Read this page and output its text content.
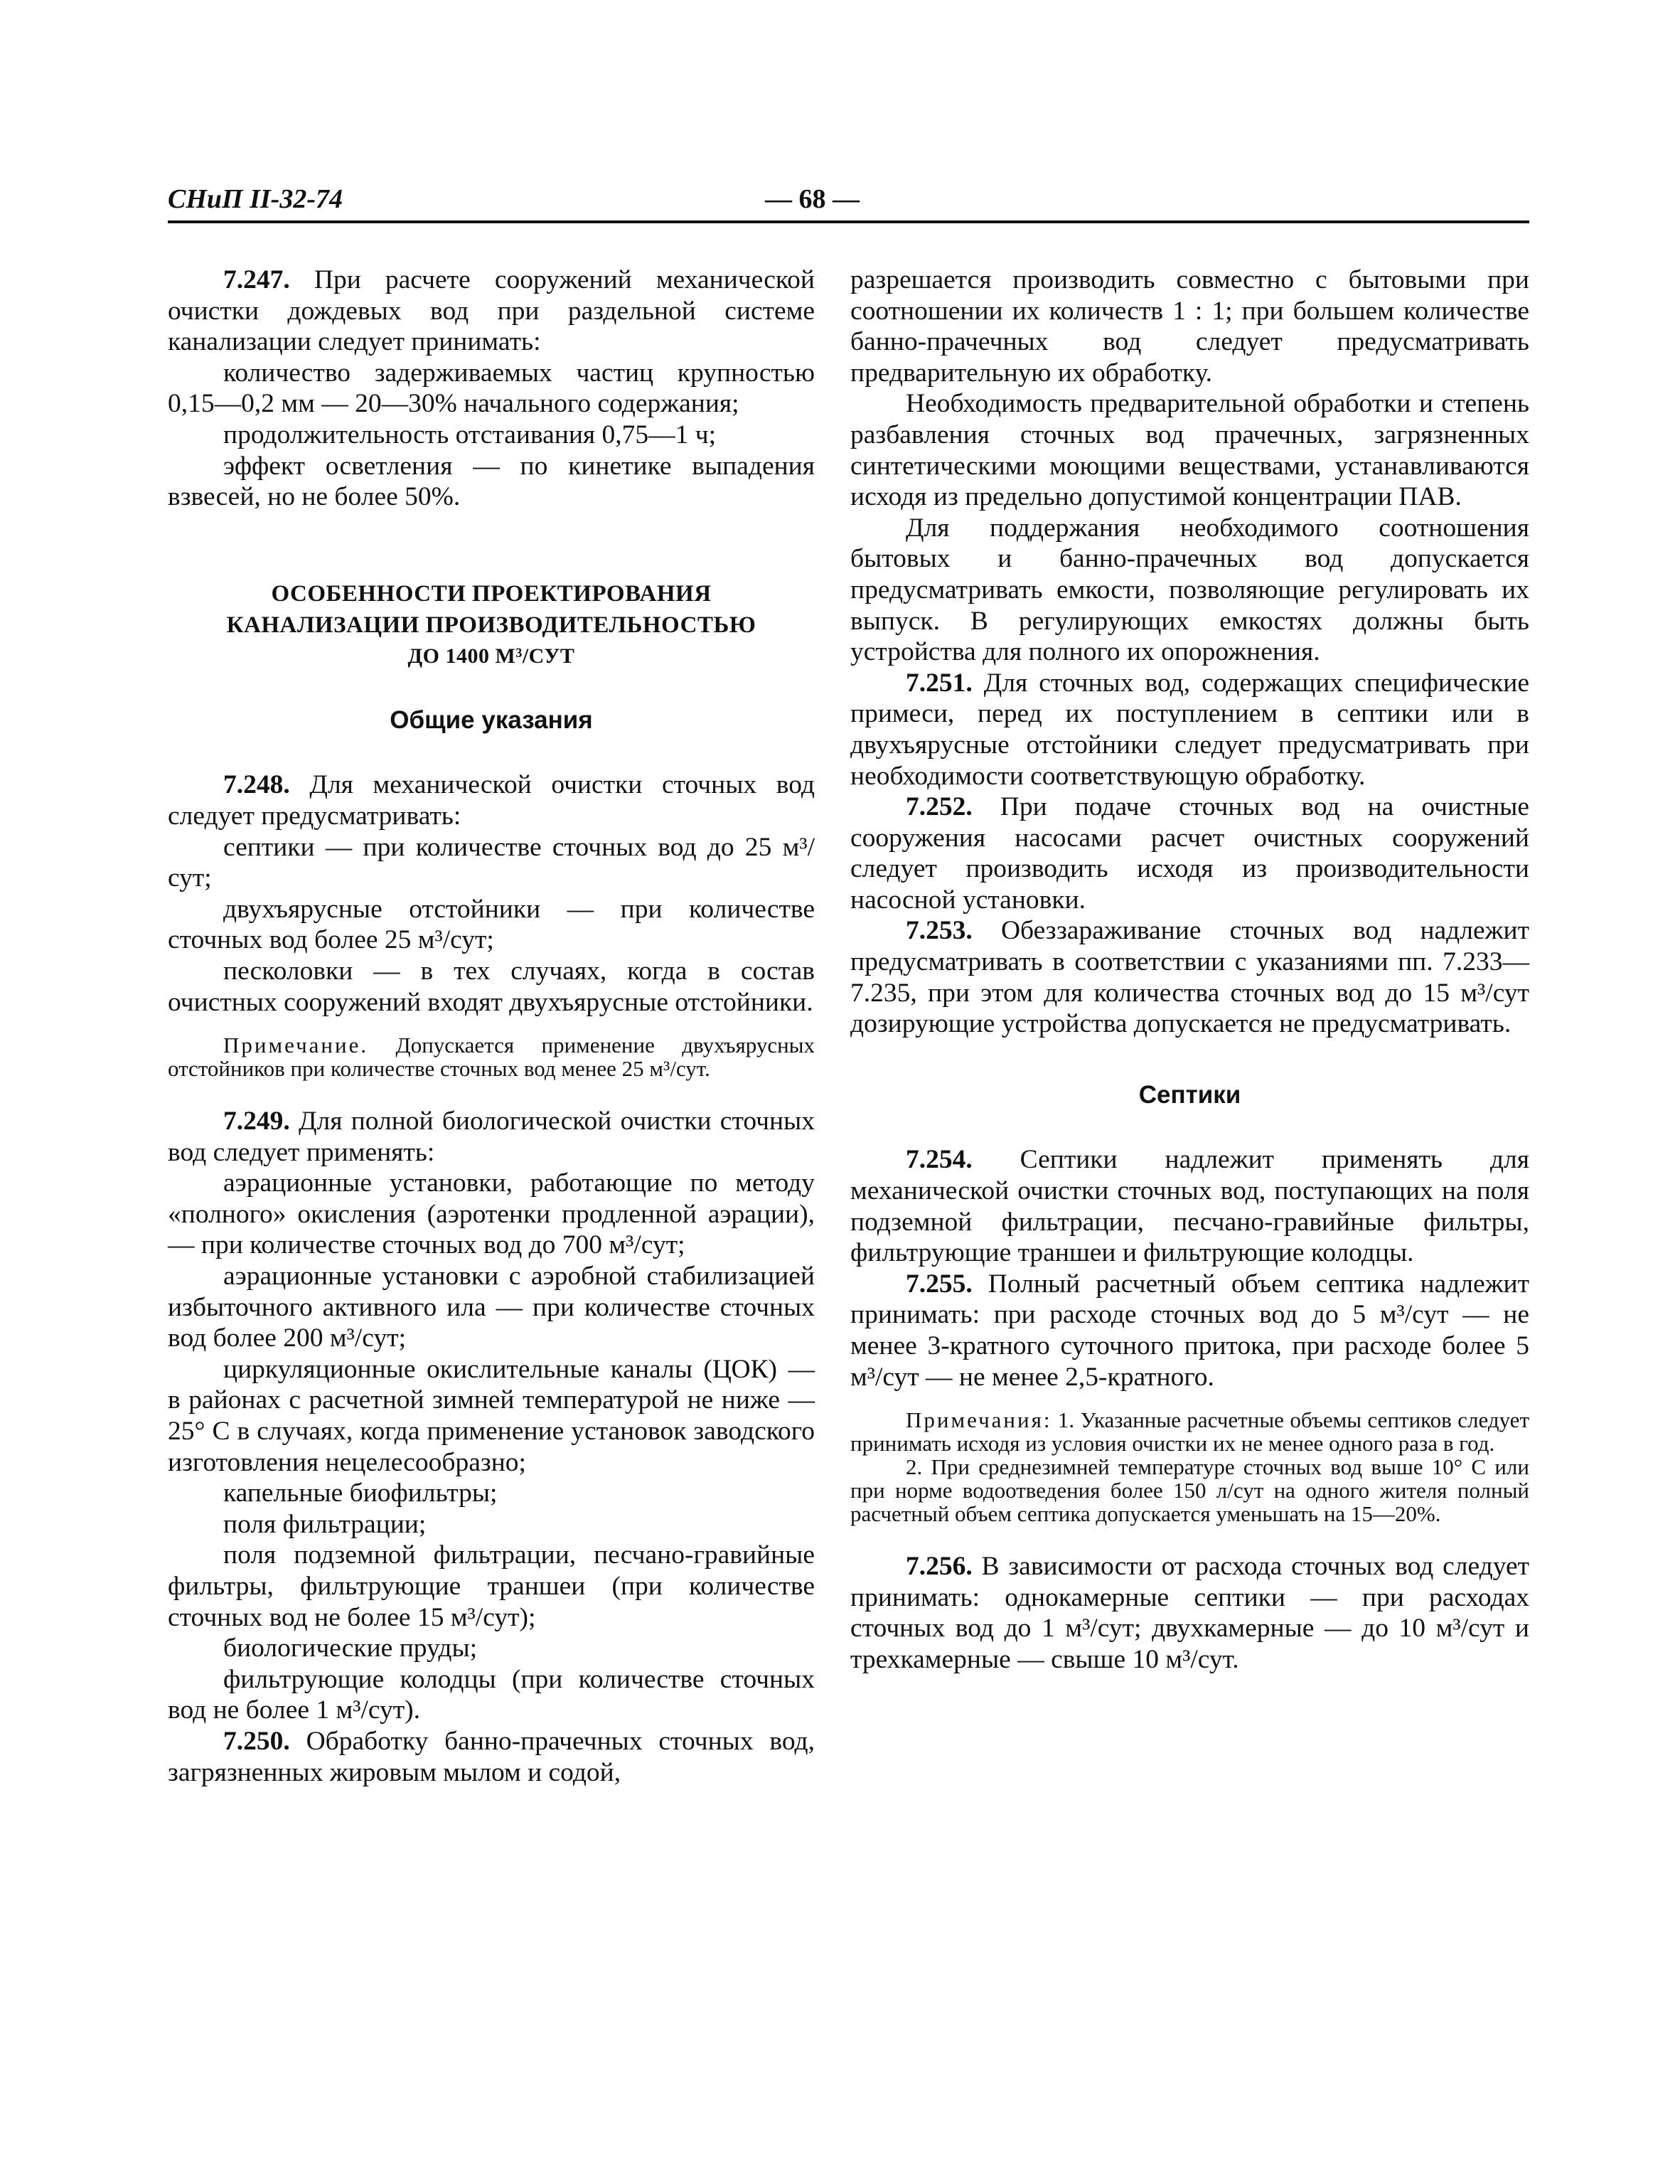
СНиП II-32-74	— 68 —

7.247. При расчете сооружений механической очистки дождевых вод при раздельной системе канализации следует принимать:

количество задерживаемых частиц крупностью 0,15—0,2 мм — 20—30% начального содержания;

продолжительность отстаивания 0,75—1 ч;

эффект осветления — по кинетике выпадения взвесей, но не более 50%.

ОСОБЕННОСТИ ПРОЕКТИРОВАНИЯ
КАНАЛИЗАЦИИ ПРОИЗВОДИТЕЛЬНОСТЬЮ
ДО 1400 М³/СУТ
Общие указания

7.248. Для механической очистки сточных вод следует предусматривать:

септики — при количестве сточных вод до 25 м³/сут;

двухъярусные отстойники — при количестве сточных вод более 25 м³/сут;

песколовки — в тех случаях, когда в состав очистных сооружений входят двухъярусные отстойники.

Примечание. Допускается применение двухъярусных отстойников при количестве сточных вод менее 25 м³/сут.

7.249. Для полной биологической очистки сточных вод следует применять:

аэрационные установки, работающие по методу «полного» окисления (аэротенки продленной аэрации), — при количестве сточных вод до 700 м³/сут;

аэрационные установки с аэробной стабилизацией избыточного активного ила — при количестве сточных вод более 200 м³/сут;

циркуляционные окислительные каналы (ЦОК) — в районах с расчетной зимней температурой не ниже —25° С в случаях, когда применение установок заводского изготовления нецелесообразно;

капельные биофильтры;

поля фильтрации;

поля подземной фильтрации, песчано-гравийные фильтры, фильтрующие траншеи (при количестве сточных вод не более 15 м³/сут);

биологические пруды;

фильтрующие колодцы (при количестве сточных вод не более 1 м³/сут).

7.250. Обработку банно-прачечных сточных вод, загрязненных жировым мылом и содой,

разрешается производить совместно с бытовыми при соотношении их количеств 1 : 1; при большем количестве банно-прачечных вод следует предусматривать предварительную их обработку.

Необходимость предварительной обработки и степень разбавления сточных вод прачечных, загрязненных синтетическими моющими веществами, устанавливаются исходя из предельно допустимой концентрации ПАВ.

Для поддержания необходимого соотношения бытовых и банно-прачечных вод допускается предусматривать емкости, позволяющие регулировать их выпуск. В регулирующих емкостях должны быть устройства для полного их опорожнения.

7.251. Для сточных вод, содержащих специфические примеси, перед их поступлением в септики или в двухъярусные отстойники следует предусматривать при необходимости соответствующую обработку.

7.252. При подаче сточных вод на очистные сооружения насосами расчет очистных сооружений следует производить исходя из производительности насосной установки.

7.253. Обеззараживание сточных вод надлежит предусматривать в соответствии с указаниями пп. 7.233—7.235, при этом для количества сточных вод до 15 м³/сут дозирующие устройства допускается не предусматривать.

Септики

7.254. Септики надлежит применять для механической очистки сточных вод, поступающих на поля подземной фильтрации, песчано-гравийные фильтры, фильтрующие траншеи и фильтрующие колодцы.

7.255. Полный расчетный объем септика надлежит принимать: при расходе сточных вод до 5 м³/сут — не менее 3-кратного суточного притока, при расходе более 5 м³/сут — не менее 2,5-кратного.

Примечания: 1. Указанные расчетные объемы септиков следует принимать исходя из условия очистки их не менее одного раза в год.

2. При среднезимней температуре сточных вод выше 10° С или при норме водоотведения более 150 л/сут на одного жителя полный расчетный объем септика допускается уменьшать на 15—20%.

7.256. В зависимости от расхода сточных вод следует принимать: однокамерные септики — при расходах сточных вод до 1 м³/сут; двухкамерные — до 10 м³/сут и трехкамерные — свыше 10 м³/сут.
